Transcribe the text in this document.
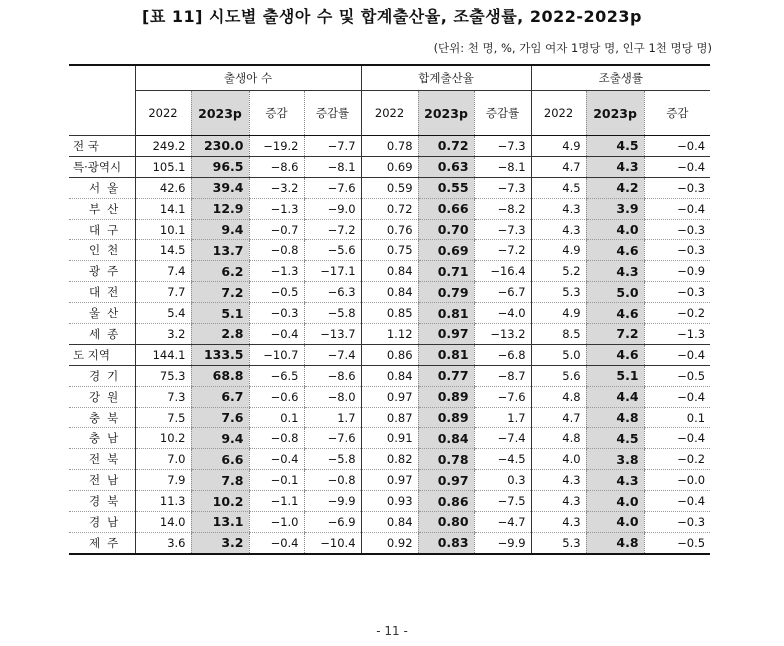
[표 11] 시도별 출생아 수 및 합계출산율, 조출생률, 2022-2023p
(단위: 천 명, %, 가임 여자 1명당 명, 인구 1천 명당 명)
	출생아 수				합계출산율			조출생률		
	2022	2023p	증감	증감률	2022	2023p	증감률	2022	2023p	증감
전 국	249.2	230.0	−19.2	−7.7	0.78	0.72	−7.3	4.9	4.5	−0.4
특·광역시	105.1	96.5	−8.6	−8.1	0.69	0.63	−8.1	4.7	4.3	−0.4
서울	42.6	39.4	−3.2	−7.6	0.59	0.55	−7.3	4.5	4.2	−0.3
부산	14.1	12.9	−1.3	−9.0	0.72	0.66	−8.2	4.3	3.9	−0.4
대구	10.1	9.4	−0.7	−7.2	0.76	0.70	−7.3	4.3	4.0	−0.3
인천	14.5	13.7	−0.8	−5.6	0.75	0.69	−7.2	4.9	4.6	−0.3
광주	7.4	6.2	−1.3	−17.1	0.84	0.71	−16.4	5.2	4.3	−0.9
대전	7.7	7.2	−0.5	−6.3	0.84	0.79	−6.7	5.3	5.0	−0.3
울산	5.4	5.1	−0.3	−5.8	0.85	0.81	−4.0	4.9	4.6	−0.2
세종	3.2	2.8	−0.4	−13.7	1.12	0.97	−13.2	8.5	7.2	−1.3
도 지역	144.1	133.5	−10.7	−7.4	0.86	0.81	−6.8	5.0	4.6	−0.4
경기	75.3	68.8	−6.5	−8.6	0.84	0.77	−8.7	5.6	5.1	−0.5
강원	7.3	6.7	−0.6	−8.0	0.97	0.89	−7.6	4.8	4.4	−0.4
충북	7.5	7.6	0.1	1.7	0.87	0.89	1.7	4.7	4.8	0.1
충남	10.2	9.4	−0.8	−7.6	0.91	0.84	−7.4	4.8	4.5	−0.4
전북	7.0	6.6	−0.4	−5.8	0.82	0.78	−4.5	4.0	3.8	−0.2
전남	7.9	7.8	−0.1	−0.8	0.97	0.97	0.3	4.3	4.3	−0.0
경북	11.3	10.2	−1.1	−9.9	0.93	0.86	−7.5	4.3	4.0	−0.4
경남	14.0	13.1	−1.0	−6.9	0.84	0.80	−4.7	4.3	4.0	−0.3
제주	3.6	3.2	−0.4	−10.4	0.92	0.83	−9.9	5.3	4.8	−0.5
- 11 -
